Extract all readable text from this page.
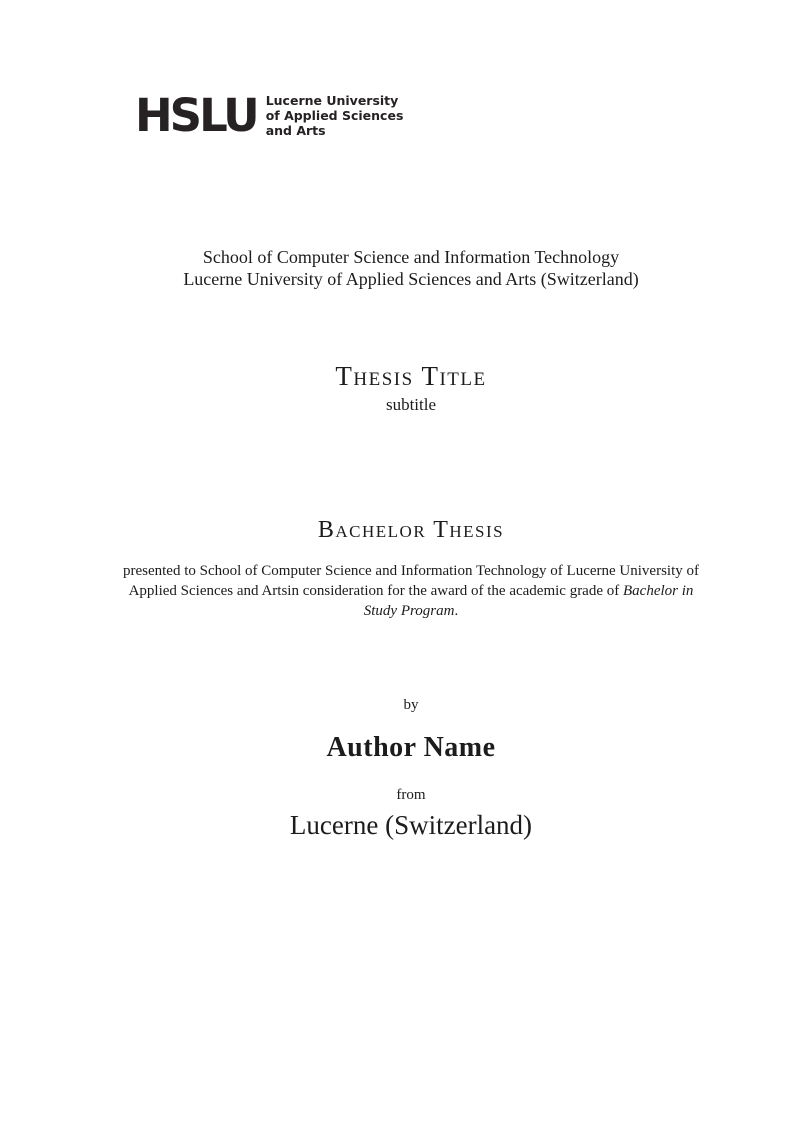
HSLU Lucerne University
of Applied Sciences
and Arts
School of Computer Science and Information Technology
Lucerne University of Applied Sciences and Arts (Switzerland)
Thesis Title
subtitle
Bachelor Thesis

presented to School of Computer Science and Information Technology of Lucerne University of Applied Sciences and Artsin consideration for the award of the academic grade of Bachelor in Study Program.

by
Author Name
from
Lucerne (Switzerland)
